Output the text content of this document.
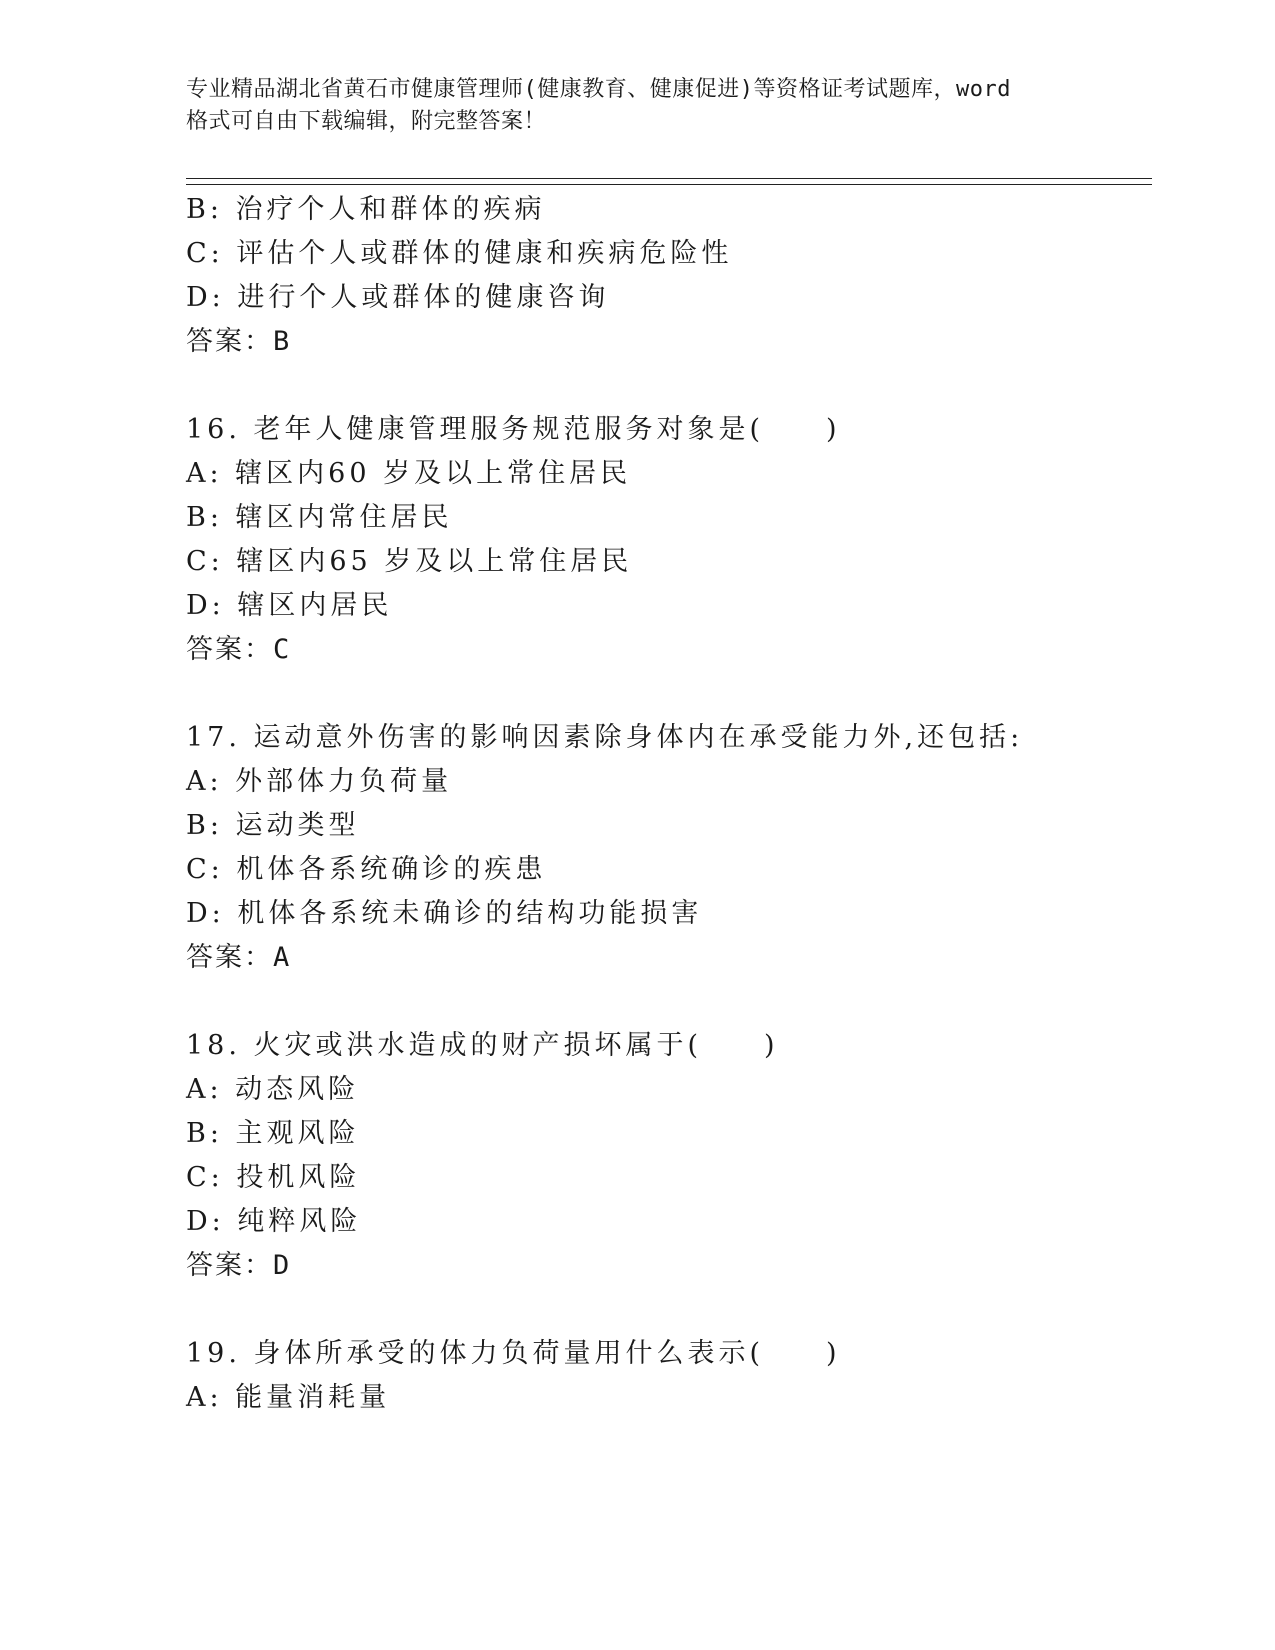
专业精品湖北省黄石市健康管理师(健康教育、健康促进)等资格证考试题库，word
格式可自由下载编辑，附完整答案！
B: 治疗个人和群体的疾病
C: 评估个人或群体的健康和疾病危险性
D: 进行个人或群体的健康咨询
答案：B
16. 老年人健康管理服务规范服务对象是(　　)
A: 辖区内60 岁及以上常住居民
B: 辖区内常住居民
C: 辖区内65 岁及以上常住居民
D: 辖区内居民
答案：C
17. 运动意外伤害的影响因素除身体内在承受能力外,还包括:
A: 外部体力负荷量
B: 运动类型
C: 机体各系统确诊的疾患
D: 机体各系统未确诊的结构功能损害
答案：A
18. 火灾或洪水造成的财产损坏属于(　　)
A: 动态风险
B: 主观风险
C: 投机风险
D: 纯粹风险
答案：D
19. 身体所承受的体力负荷量用什么表示(　　)
A: 能量消耗量
